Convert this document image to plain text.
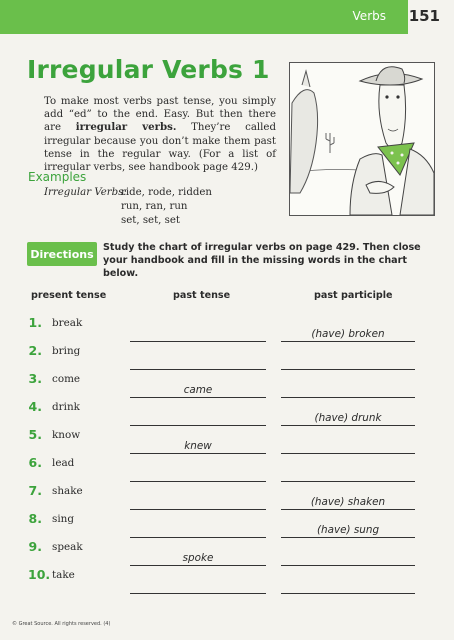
Verbs 151
Irregular Verbs 1
To make most verbs past tense, you simply add “ed” to the end. Easy. But then there are irregular verbs. They’re called irregular because you don’t make them past tense in the regular way. (For a list of irregular verbs, see handbook page 429.)
Examples
Irregular Verbs:
ride, rode, ridden
run, ran, run
set, set, set
Directions Study the chart of irregular verbs on page 429. Then close your handbook and fill in the missing words in the chart below.
present tense	past tense	past participle
1. break
(have) broken
2. bring
3. come
came
4. drink
(have) drunk
5. know
knew
6. lead
7. shake
(have) shaken
8. sing
(have) sung
9. speak
spoke
10. take
© Great Source. All rights reserved. (4)
